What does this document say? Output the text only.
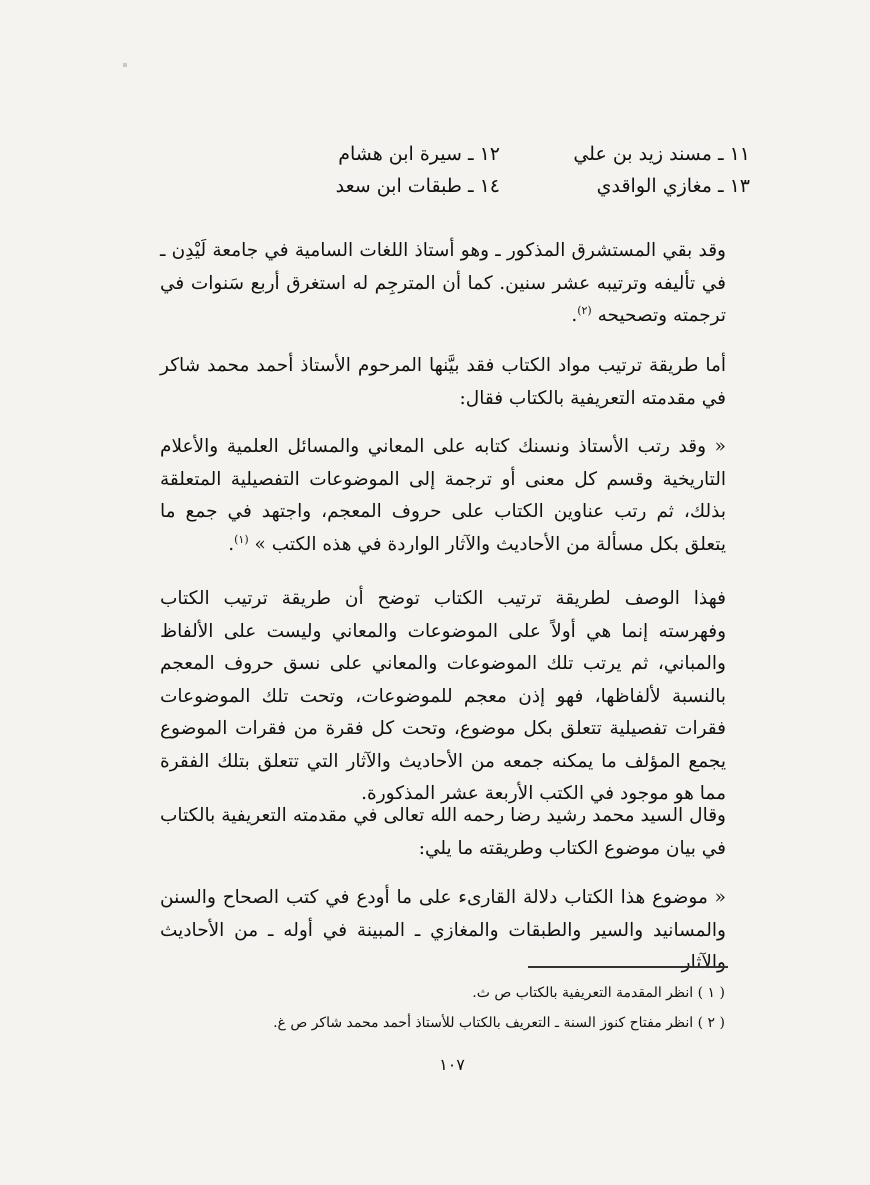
١١ ـ مسند زيد بن علي
١٢ ـ سيرة ابن هشام
١٣ ـ مغازي الواقدي
١٤ ـ طبقات ابن سعد
وقد بقي المستشرق المذكور ـ وهو أستاذ اللغات السامية في جامعة لَيْدِن ـ في تأليفه وترتيبه عشر سنين. كما أن المترجِم له استغرق أربع سَنوات في ترجمته وتصحيحه $^{(٢)}$.
أما طريقة ترتيب مواد الكتاب فقد بيَّنها المرحوم الأستاذ أحمد محمد شاكر في مقدمته التعريفية بالكتاب فقال:
« وقد رتب الأستاذ ونسنك كتابه على المعاني والمسائل العلمية والأعلام التاريخية وقسم كل معنى أو ترجمة إلى الموضوعات التفصيلية المتعلقة بذلك، ثم رتب عناوين الكتاب على حروف المعجم، واجتهد في جمع ما يتعلق بكل مسألة من الأحاديث والآثار الواردة في هذه الكتب » $^{(١)}$.
فهذا الوصف لطريقة ترتيب الكتاب توضح أن طريقة ترتيب الكتاب وفهرسته إنما هي أولاً على الموضوعات والمعاني وليست على الألفاظ والمباني، ثم يرتب تلك الموضوعات والمعاني على نسق حروف المعجم بالنسبة لألفاظها، فهو إذن معجم للموضوعات، وتحت تلك الموضوعات فقرات تفصيلية تتعلق بكل موضوع، وتحت كل فقرة من فقرات الموضوع يجمع المؤلف ما يمكنه جمعه من الأحاديث والآثار التي تتعلق بتلك الفقرة مما هو موجود في الكتب الأربعة عشر المذكورة.
وقال السيد محمد رشيد رضا رحمه الله تعالى في مقدمته التعريفية بالكتاب في بيان موضوع الكتاب وطريقته ما يلي:
« موضوع هذا الكتاب دلالة القارىء على ما أودع في كتب الصحاح والسنن والمسانيد والسير والطبقات والمغازي ـ المبينة في أوله ـ من الأحاديث والآثار
( ١ ) انظر المقدمة التعريفية بالكتاب ص ث.
( ٢ ) انظر مفتاح كنوز السنة ـ التعريف بالكتاب للأستاذ أحمد محمد شاكر ص غ.
١٠٧
